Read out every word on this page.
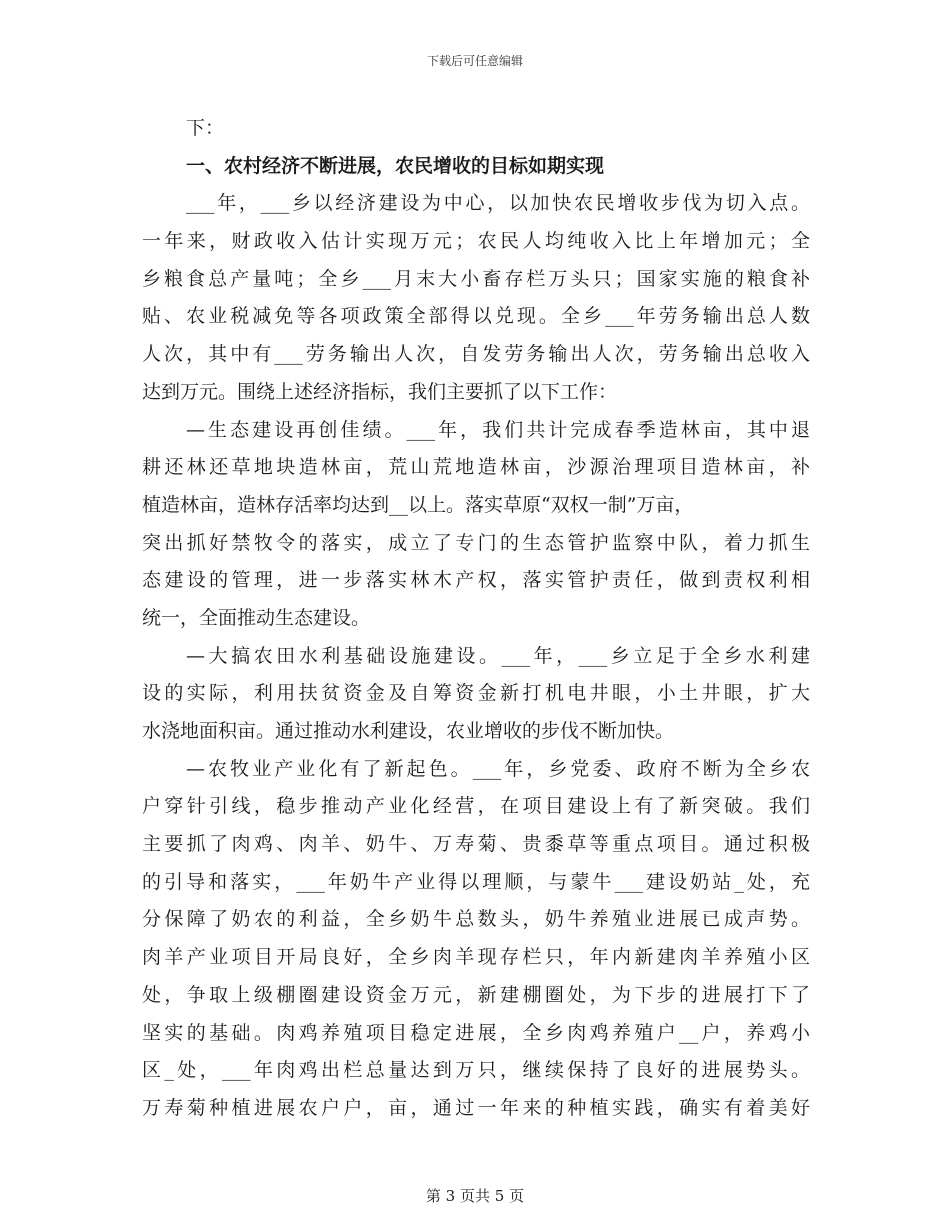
下载后可任意编辑
下：
一、农村经济不断进展，农民增收的目标如期实现
___年，___乡以经济建设为中心，以加快农民增收步伐为切入点。
一年来，财政收入估计实现万元；农民人均纯收入比上年增加元；全
乡粮食总产量吨；全乡___月末大小畜存栏万头只；国家实施的粮食补
贴、农业税减免等各项政策全部得以兑现。全乡___年劳务输出总人数
人次，其中有___劳务输出人次，自发劳务输出人次，劳务输出总收入
达到万元。围绕上述经济指标，我们主要抓了以下工作：
—生态建设再创佳绩。___年，我们共计完成春季造林亩，其中退
耕还林还草地块造林亩，荒山荒地造林亩，沙源治理项目造林亩，补
植造林亩，造林存活率均达到__以上。落实草原“双权一制”万亩，
突出抓好禁牧令的落实，成立了专门的生态管护监察中队，着力抓生
态建设的管理，进一步落实林木产权，落实管护责任，做到责权利相
统一，全面推动生态建设。
—大搞农田水利基础设施建设。___年，___乡立足于全乡水利建
设的实际，利用扶贫资金及自筹资金新打机电井眼，小土井眼，扩大
水浇地面积亩。通过推动水利建设，农业增收的步伐不断加快。
—农牧业产业化有了新起色。___年，乡党委、政府不断为全乡农
户穿针引线，稳步推动产业化经营，在项目建设上有了新突破。我们
主要抓了肉鸡、肉羊、奶牛、万寿菊、贵黍草等重点项目。通过积极
的引导和落实，___年奶牛产业得以理顺，与蒙牛___建设奶站_处，充
分保障了奶农的利益，全乡奶牛总数头，奶牛养殖业进展已成声势。
肉羊产业项目开局良好，全乡肉羊现存栏只，年内新建肉羊养殖小区
处，争取上级棚圈建设资金万元，新建棚圈处，为下步的进展打下了
坚实的基础。肉鸡养殖项目稳定进展，全乡肉鸡养殖户__户，养鸡小
区_处，___年肉鸡出栏总量达到万只，继续保持了良好的进展势头。
万寿菊种植进展农户户，亩，通过一年来的种植实践，确实有着美好
第 3 页共 5 页
